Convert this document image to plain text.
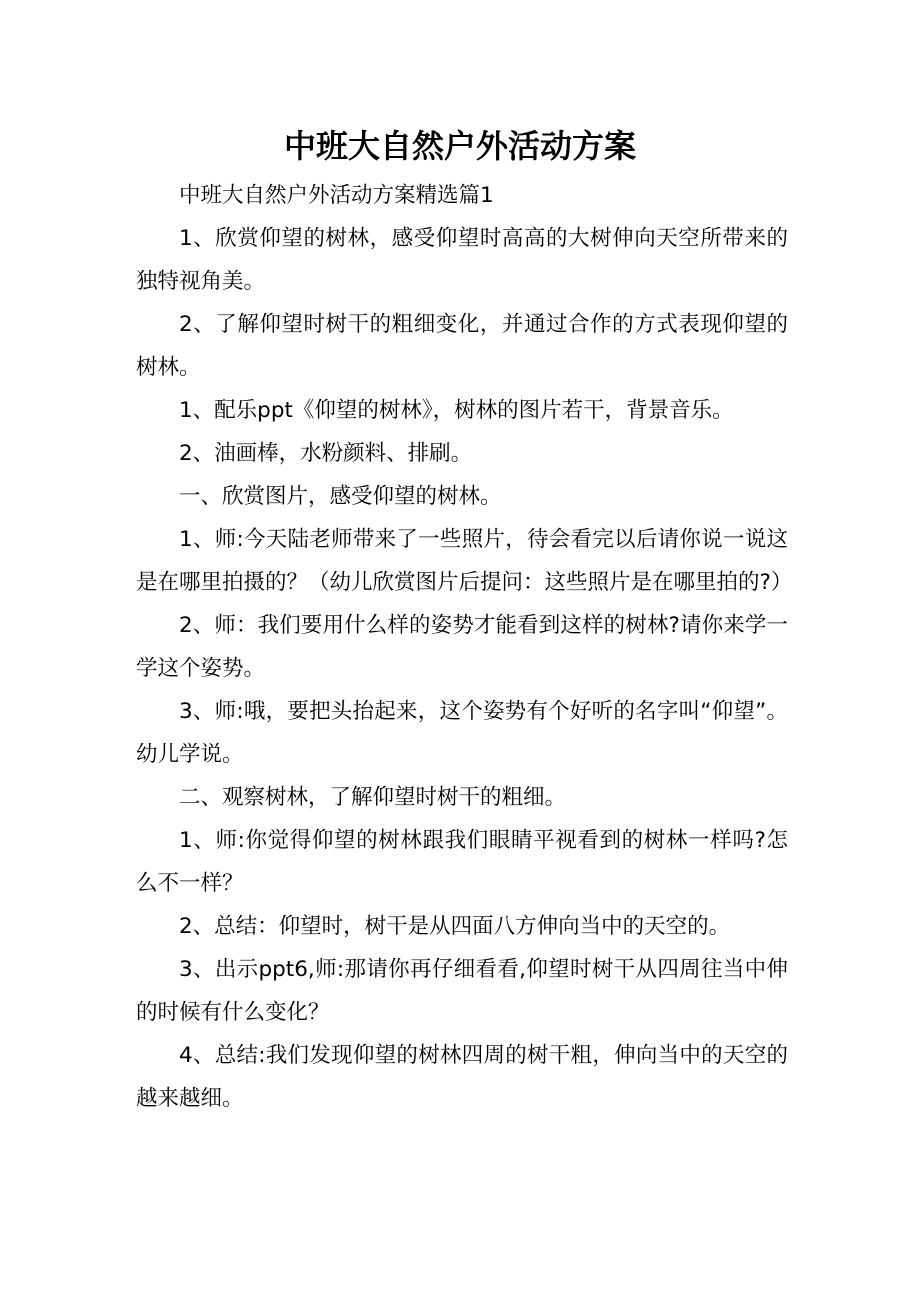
中班大自然户外活动方案

中班大自然户外活动方案精选篇1

1、欣赏仰望的树林，感受仰望时高高的大树伸向天空所带来的独特视角美。

2、了解仰望时树干的粗细变化，并通过合作的方式表现仰望的树林。

1、配乐ppt《仰望的树林》，树林的图片若干，背景音乐。

2、油画棒，水粉颜料、排刷。

一、欣赏图片，感受仰望的树林。

1、师:今天陆老师带来了一些照片，待会看完以后请你说一说这是在哪里拍摄的？（幼儿欣赏图片后提问：这些照片是在哪里拍的?）

2、师：我们要用什么样的姿势才能看到这样的树林?请你来学一学这个姿势。

3、师:哦，要把头抬起来，这个姿势有个好听的名字叫“仰望”。幼儿学说。

二、观察树林，了解仰望时树干的粗细。

1、师:你觉得仰望的树林跟我们眼睛平视看到的树林一样吗?怎么不一样？

2、总结：仰望时，树干是从四面八方伸向当中的天空的。

3、出示ppt6,师:那请你再仔细看看,仰望时树干从四周往当中伸的时候有什么变化？

4、总结:我们发现仰望的树林四周的树干粗，伸向当中的天空的越来越细。
